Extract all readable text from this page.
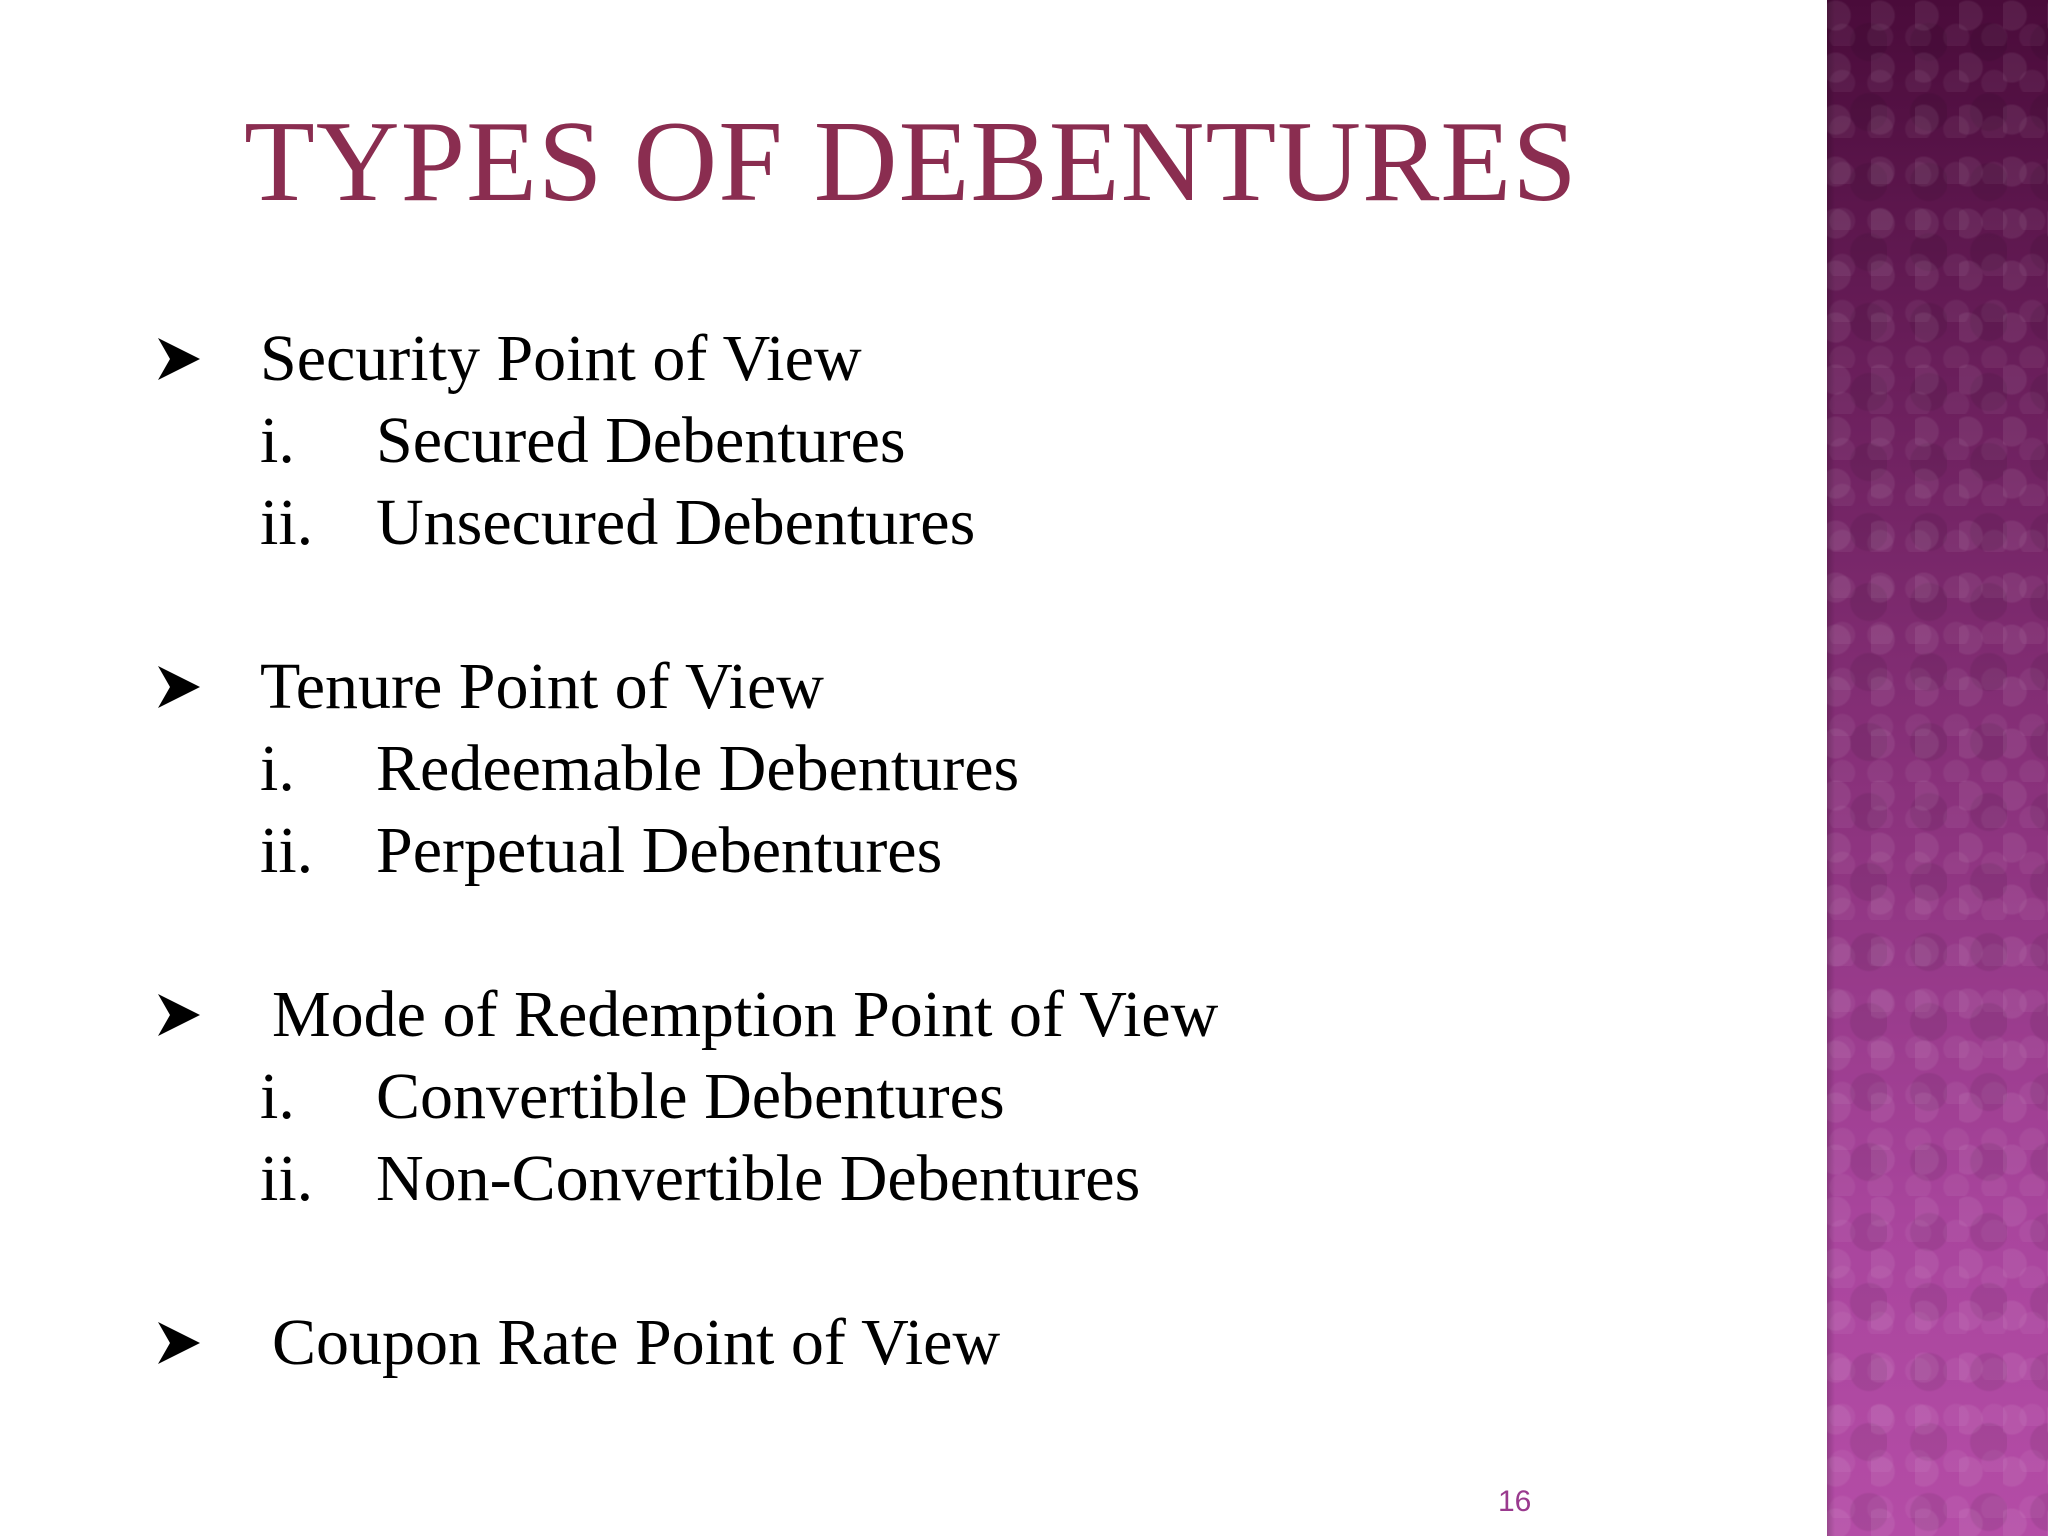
TYPES OF DEBENTURES
Security Point of View
i. Secured Debentures
ii. Unsecured Debentures
Tenure Point of View
i. Redeemable Debentures
ii. Perpetual Debentures
Mode of Redemption Point of View
i. Convertible Debentures
ii. Non-Convertible Debentures
Coupon Rate Point of View
16
